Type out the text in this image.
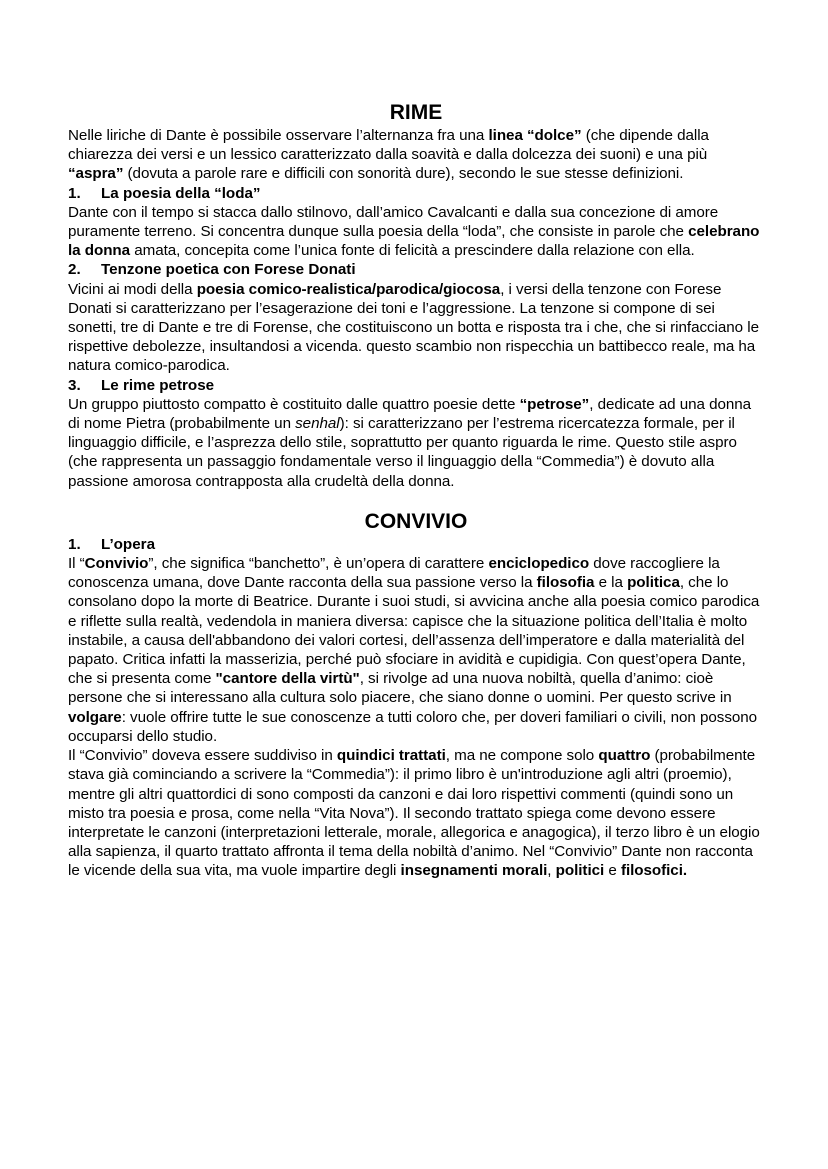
RIME

Nelle liriche di Dante è possibile osservare l’alternanza fra una linea “dolce” (che dipende dalla chiarezza dei versi e un lessico caratterizzato dalla soavità e dalla dolcezza dei suoni) e una più “aspra” (dovuta a parole rare e difficili con sonorità dure), secondo le sue stesse definizioni.

1.	La poesia della “loda”

Dante con il tempo si stacca dallo stilnovo, dall’amico Cavalcanti e dalla sua concezione di amore puramente terreno. Si concentra dunque sulla poesia della “loda”, che consiste in parole che celebrano la donna amata, concepita come l’unica fonte di felicità a prescindere dalla relazione con ella.

2.	Tenzone poetica con Forese Donati

Vicini ai modi della poesia comico-realistica/parodica/giocosa, i versi della tenzone con Forese Donati si caratterizzano per l’esagerazione dei toni e l’aggressione. La tenzone si compone di sei sonetti, tre di Dante e tre di Forense, che costituiscono un botta e risposta tra i che, che si rinfacciano le rispettive debolezze, insultandosi a vicenda. questo scambio non rispecchia un battibecco reale, ma ha natura comico-parodica.

3.	Le rime petrose

Un gruppo piuttosto compatto è costituito dalle quattro poesie dette “petrose”, dedicate ad una donna di nome Pietra (probabilmente un senhal): si caratterizzano per l’estrema ricercatezza formale, per il linguaggio difficile, e l’asprezza dello stile, soprattutto per quanto riguarda le rime. Questo stile aspro (che rappresenta un passaggio fondamentale verso il linguaggio della “Commedia”) è dovuto alla passione amorosa contrapposta alla crudeltà della donna.

CONVIVIO
1.	L’opera

Il “Convivio”, che significa “banchetto”, è un’opera di carattere enciclopedico dove raccogliere la conoscenza umana, dove Dante racconta della sua passione verso la filosofia e la politica, che lo consolano dopo la morte di Beatrice. Durante i suoi studi, si avvicina anche alla poesia comico parodica e riflette sulla realtà, vedendola in maniera diversa: capisce che la situazione politica dell’Italia è molto instabile, a causa dell'abbandono dei valori cortesi, dell’assenza dell’imperatore e dalla materialità del papato. Critica infatti la masserizia, perché può sfociare in avidità e cupidigia. Con quest’opera Dante, che si presenta come "cantore della virtù", si rivolge ad una nuova nobiltà, quella d’animo: cioè persone che si interessano alla cultura solo piacere, che siano donne o uomini. Per questo scrive in volgare: vuole offrire tutte le sue conoscenze a tutti coloro che, per doveri familiari o civili, non possono occuparsi dello studio.

Il “Convivio” doveva essere suddiviso in quindici trattati, ma ne compone solo quattro (probabilmente stava già cominciando a scrivere la “Commedia”): il primo libro è un'introduzione agli altri (proemio), mentre gli altri quattordici di sono composti da canzoni e dai loro rispettivi commenti (quindi sono un misto tra poesia e prosa, come nella “Vita Nova”). Il secondo trattato spiega come devono essere interpretate le canzoni (interpretazioni letterale, morale, allegorica e anagogica), il terzo libro è un elogio alla sapienza, il quarto trattato affronta il tema della nobiltà d’animo. Nel “Convivio” Dante non racconta le vicende della sua vita, ma vuole impartire degli insegnamenti morali, politici e filosofici.
